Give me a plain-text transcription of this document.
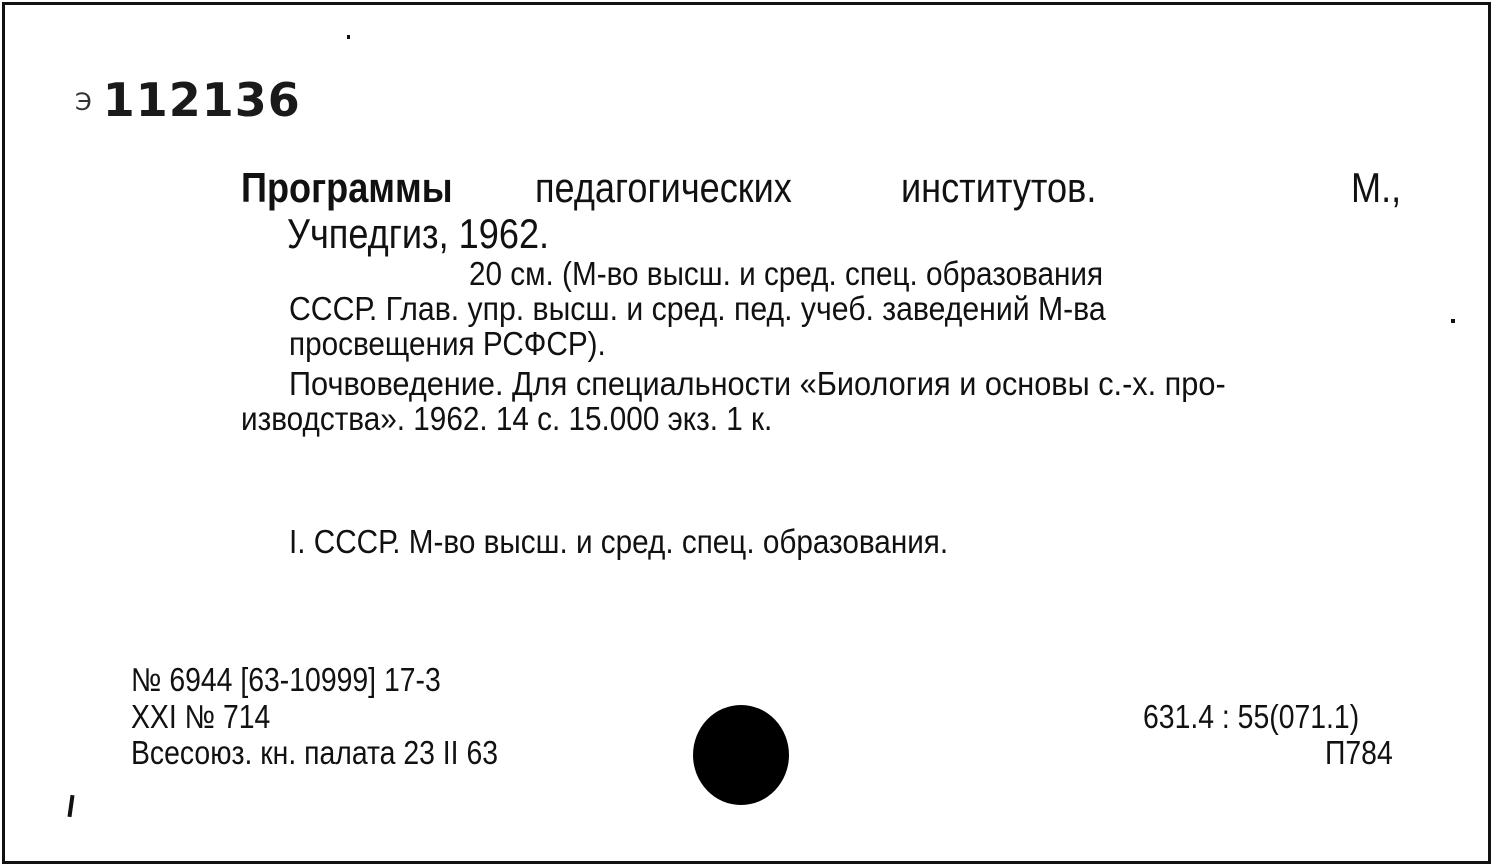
Э 112136
Программы педагогических	институтов.	М.,
Учпедгиз, 1962.
20 см. (М-во высш. и сред. спец. образования
СССР. Глав. упр. высш. и сред. пед. учеб. заведений М-ва
просвещения РСФСР).
Почвоведение. Для специальности «Биология и основы с.-х. про-
изводства». 1962. 14 с. 15.000 экз. 1 к.
I. СССР. М-во высш. и сред. спец. образования.
№ 6944 [63-10999] 17-3
XXI № 714
Всесоюз. кн. палата 23 II 63
631.4 : 55(071.1)
П784
